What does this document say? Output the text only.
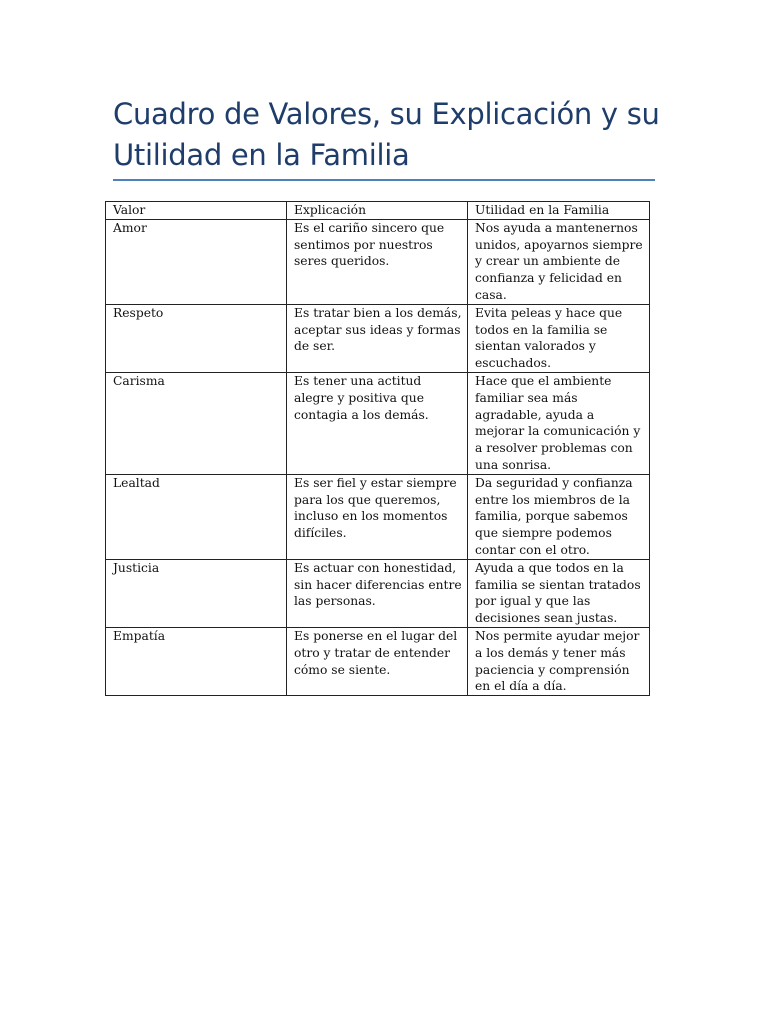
Cuadro de Valores, su Explicación y su Utilidad en la Familia
Valor	Explicación	Utilidad en la Familia
Amor	Es el cariño sincero que sentimos por nuestros seres queridos.	Nos ayuda a mantenernos unidos, apoyarnos siempre y crear un ambiente de confianza y felicidad en casa.
Respeto	Es tratar bien a los demás, aceptar sus ideas y formas de ser.	Evita peleas y hace que todos en la familia se sientan valorados y escuchados.
Carisma	Es tener una actitud alegre y positiva que contagia a los demás.	Hace que el ambiente familiar sea más agradable, ayuda a mejorar la comunicación y a resolver problemas con una sonrisa.
Lealtad	Es ser fiel y estar siempre para los que queremos, incluso en los momentos difíciles.	Da seguridad y confianza entre los miembros de la familia, porque sabemos que siempre podemos contar con el otro.
Justicia	Es actuar con honestidad, sin hacer diferencias entre las personas.	Ayuda a que todos en la familia se sientan tratados por igual y que las decisiones sean justas.
Empatía	Es ponerse en el lugar del otro y tratar de entender cómo se siente.	Nos permite ayudar mejor a los demás y tener más paciencia y comprensión en el día a día.
